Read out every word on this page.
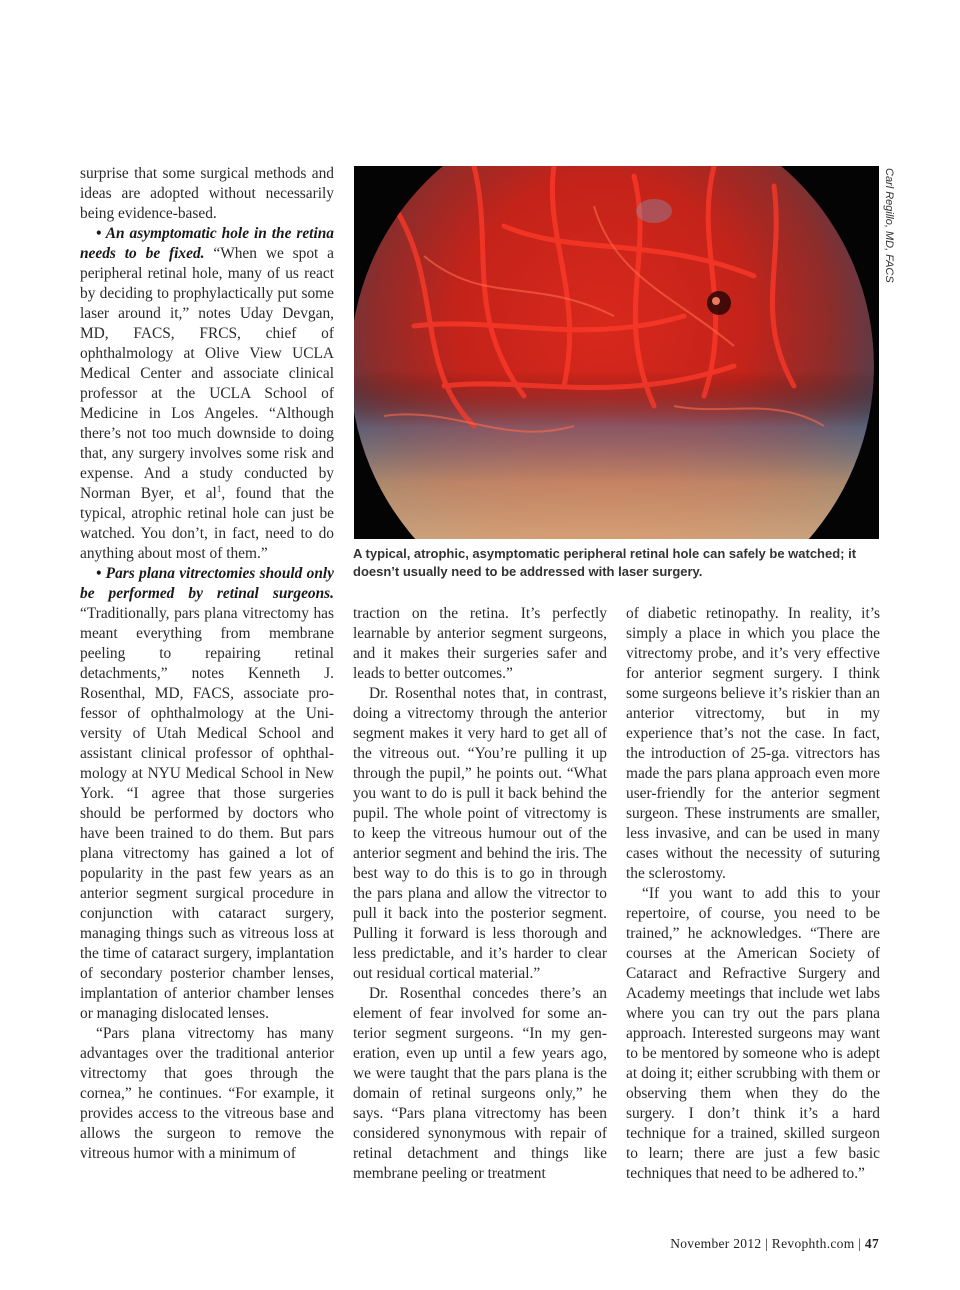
surprise that some surgical methods and ideas are adopted without necessarily being evidence-based.

• An asymptomatic hole in the retina needs to be fixed. “When we spot a peripheral retinal hole, many of us react by deciding to prophylactically put some laser around it,” notes Uday Devgan, MD, FACS, FRCS, chief of ophthalmology at Olive View UCLA Medical Center and associate clinical professor at the UCLA School of Medicine in Los Angeles. “Although there’s not too much downside to doing that, any surgery involves some risk and expense. And a study conducted by Norman Byer, et $al^1$, found that the typical, atrophic retinal hole can just be watched. You don’t, in fact, need to do anything about most of them.”

• Pars plana vitrectomies should only be performed by retinal surgeons. “Traditionally, pars plana vitrectomy has meant everything from membrane peeling to repairing retinal detachments,” notes Kenneth J. Rosenthal, MD, FACS, associate professor of ophthalmology at the University of Utah Medical School and assistant clinical professor of ophthalmology at NYU Medical School in New York. “I agree that those surgeries should be performed by doctors who have been trained to do them. But pars plana vitrectomy has gained a lot of popularity in the past few years as an anterior segment surgical procedure in conjunction with cataract surgery, managing things such as vitreous loss at the time of cataract surgery, implantation of secondary posterior chamber lenses, implantation of anterior chamber lenses or managing dislocated lenses.

“Pars plana vitrectomy has many advantages over the traditional anterior vitrectomy that goes through the cornea,” he continues. “For example, it provides access to the vitreous base and allows the surgeon to remove the vitreous humor with a minimum of

Carl Regillo, MD, FACS
A typical, atrophic, asymptomatic peripheral retinal hole can safely be watched; it doesn’t usually need to be addressed with laser surgery.

traction on the retina. It’s perfectly learnable by anterior segment surgeons, and it makes their surgeries safer and leads to better outcomes.”

Dr. Rosenthal notes that, in contrast, doing a vitrectomy through the anterior segment makes it very hard to get all of the vitreous out. “You’re pulling it up through the pupil,” he points out. “What you want to do is pull it back behind the pupil. The whole point of vitrectomy is to keep the vitreous humour out of the anterior segment and behind the iris. The best way to do this is to go in through the pars plana and allow the vitrector to pull it back into the posterior segment. Pulling it forward is less thorough and less predictable, and it’s harder to clear out residual cortical material.”

Dr. Rosenthal concedes there’s an element of fear involved for some anterior segment surgeons. “In my generation, even up until a few years ago, we were taught that the pars plana is the domain of retinal surgeons only,” he says. “Pars plana vitrectomy has been considered synonymous with repair of retinal detachment and things like membrane peeling or treatment

of diabetic retinopathy. In reality, it’s simply a place in which you place the vitrectomy probe, and it’s very effective for anterior segment surgery. I think some surgeons believe it’s riskier than an anterior vitrectomy, but in my experience that’s not the case. In fact, the introduction of 25-ga. vitrectors has made the pars plana approach even more user-friendly for the anterior segment surgeon. These instruments are smaller, less invasive, and can be used in many cases without the necessity of suturing the sclerostomy.

“If you want to add this to your repertoire, of course, you need to be trained,” he acknowledges. “There are courses at the American Society of Cataract and Refractive Surgery and Academy meetings that include wet labs where you can try out the pars plana approach. Interested surgeons may want to be mentored by someone who is adept at doing it; either scrubbing with them or observing them when they do the surgery. I don’t think it’s a hard technique for a trained, skilled surgeon to learn; there are just a few basic techniques that need to be adhered to.”

November 2012 | Revophth.com | 47
